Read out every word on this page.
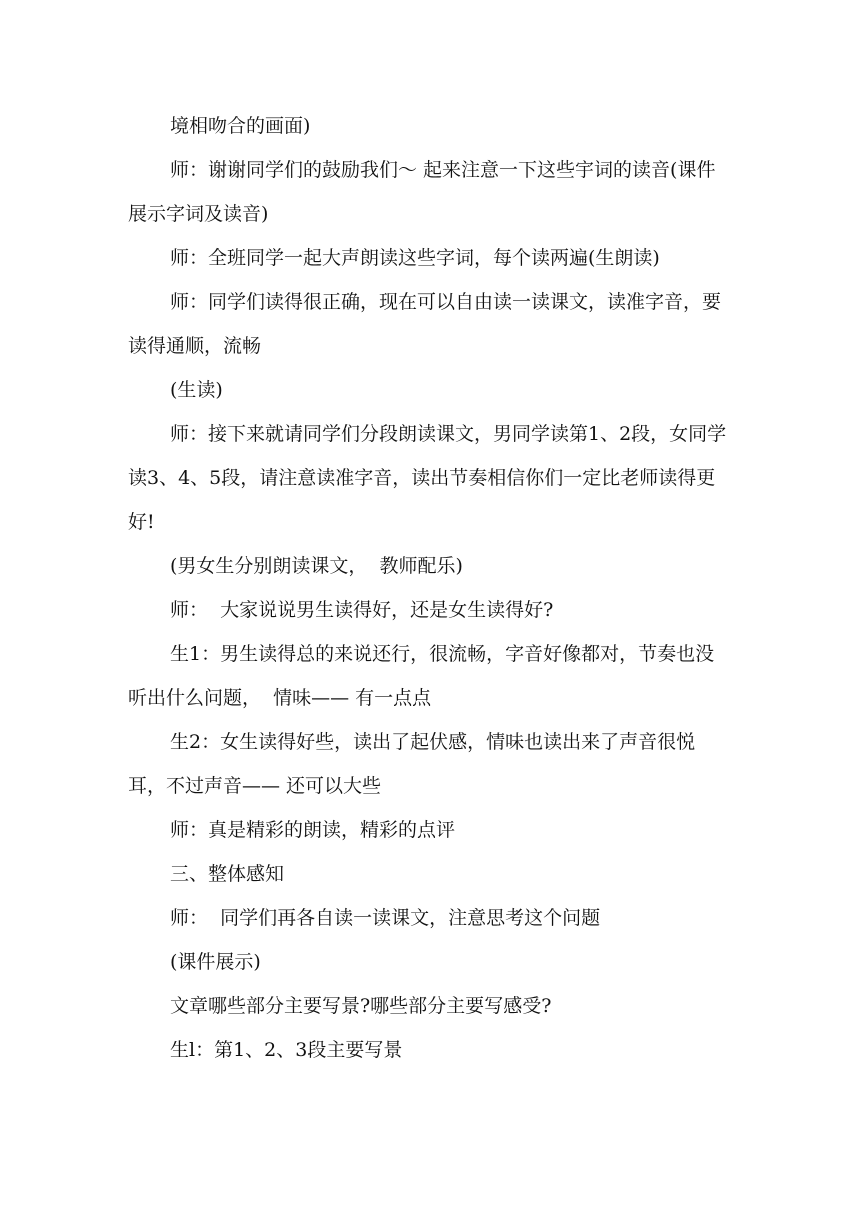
境相吻合的画面)

师：谢谢同学们的鼓励我们～ 起来注意一下这些宇词的读音(课件展示字词及读音)

师：全班同学一起大声朗读这些字词，每个读两遍(生朗读)

师：同学们读得很正确，现在可以自由读一读课文，读准字音，要读得通顺，流畅

(生读)

师：接下来就请同学们分段朗读课文，男同学读第1、2段，女同学读3、4、5段，请注意读准字音，读出节奏相信你们一定比老师读得更好!

(男女生分别朗读课文，  教师配乐)

师：  大家说说男生读得好，还是女生读得好?

生1：男生读得总的来说还行，很流畅，字音好像都对，节奏也没听出什么问题，  情味—— 有一点点

生2：女生读得好些，读出了起伏感，情味也读出来了声音很悦耳，不过声音—— 还可以大些

师：真是精彩的朗读，精彩的点评

三、整体感知

师：  同学们再各自读一读课文，注意思考这个问题

(课件展示)

文章哪些部分主要写景?哪些部分主要写感受?

生l：第1、2、3段主要写景
